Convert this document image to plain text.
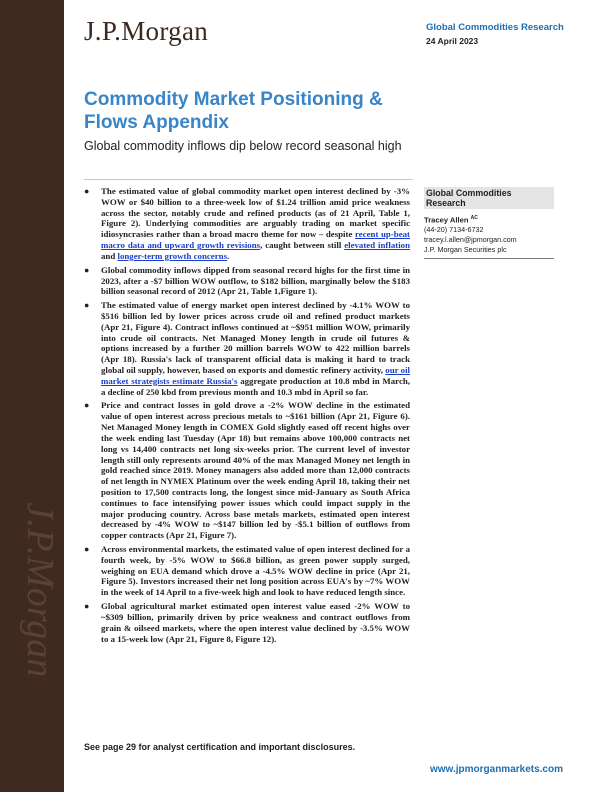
J.P.Morgan
J.P.Morgan	Global Commodities Research
24 April 2023
Commodity Market Positioning & Flows Appendix
Global commodity inflows dip below record seasonal high
Global Commodities Research
Tracey Allen $^{AC}$
(44-20) 7134-6732
tracey.l.allen@jpmorgan.com
J.P. Morgan Securities plc
● The estimated value of global commodity market open interest declined by -3% WOW or $40 billion to a three-week low of $1.24 trillion amid price weakness across the sector, notably crude and refined products (as of 21 April, Table 1, Figure 2). Underlying commodities are arguably trading on market specific idiosyncrasies rather than a broad macro theme for now – despite recent up-beat macro data and upward growth revisions, caught between still elevated inflation and longer-term growth concerns.
● Global commodity inflows dipped from seasonal record highs for the first time in 2023, after a -$7 billion WOW outflow, to $182 billion, marginally below the $183 billion seasonal record of 2012 (Apr 21, Table 1,Figure 1).
● The estimated value of energy market open interest declined by -4.1% WOW to $516 billion led by lower prices across crude oil and refined product markets (Apr 21, Figure 4). Contract inflows continued at ~$951 million WOW, primarily into crude oil contracts. Net Managed Money length in crude oil futures & options increased by a further 20 million barrels WOW to 422 million barrels (Apr 18). Russia's lack of transparent official data is making it hard to track global oil supply, however, based on exports and domestic refinery activity, our oil market strategists estimate Russia's aggregate production at 10.8 mbd in March, a decline of 250 kbd from previous month and 10.3 mbd in April so far.
● Price and contract losses in gold drove a -2% WOW decline in the estimated value of open interest across precious metals to ~$161 billion (Apr 21, Figure 6). Net Managed Money length in COMEX Gold slightly eased off recent highs over the week ending last Tuesday (Apr 18) but remains above 100,000 contracts net long vs 14,400 contracts net long six-weeks prior. The current level of investor length still only represents around 40% of the max Managed Money net length in gold reached since 2019. Money managers also added more than 12,000 contracts of net length in NYMEX Platinum over the week ending April 18, taking their net position to 17,500 contracts long, the longest since mid-January as South Africa continues to face intensifying power issues which could impact supply in the major producing country. Across base metals markets, estimated open interest decreased by -4% WOW to ~$147 billion led by -$5.1 billion of outflows from copper contracts (Apr 21, Figure 7).
● Across environmental markets, the estimated value of open interest declined for a fourth week, by -5% WOW to $66.8 billion, as green power supply surged, weighing on EUA demand which drove a -4.5% WOW decline in price (Apr 21, Figure 5). Investors increased their net long position across EUA's by ~7% WOW in the week of 14 April to a five-week high and look to have reduced length since.
● Global agricultural market estimated open interest value eased -2% WOW to ~$309 billion, primarily driven by price weakness and contract outflows from grain & oilseed markets, where the open interest value declined by -3.5% WOW to a 15-week low (Apr 21, Figure 8, Figure 12).
See page 29 for analyst certification and important disclosures.
www.jpmorganmarkets.com
